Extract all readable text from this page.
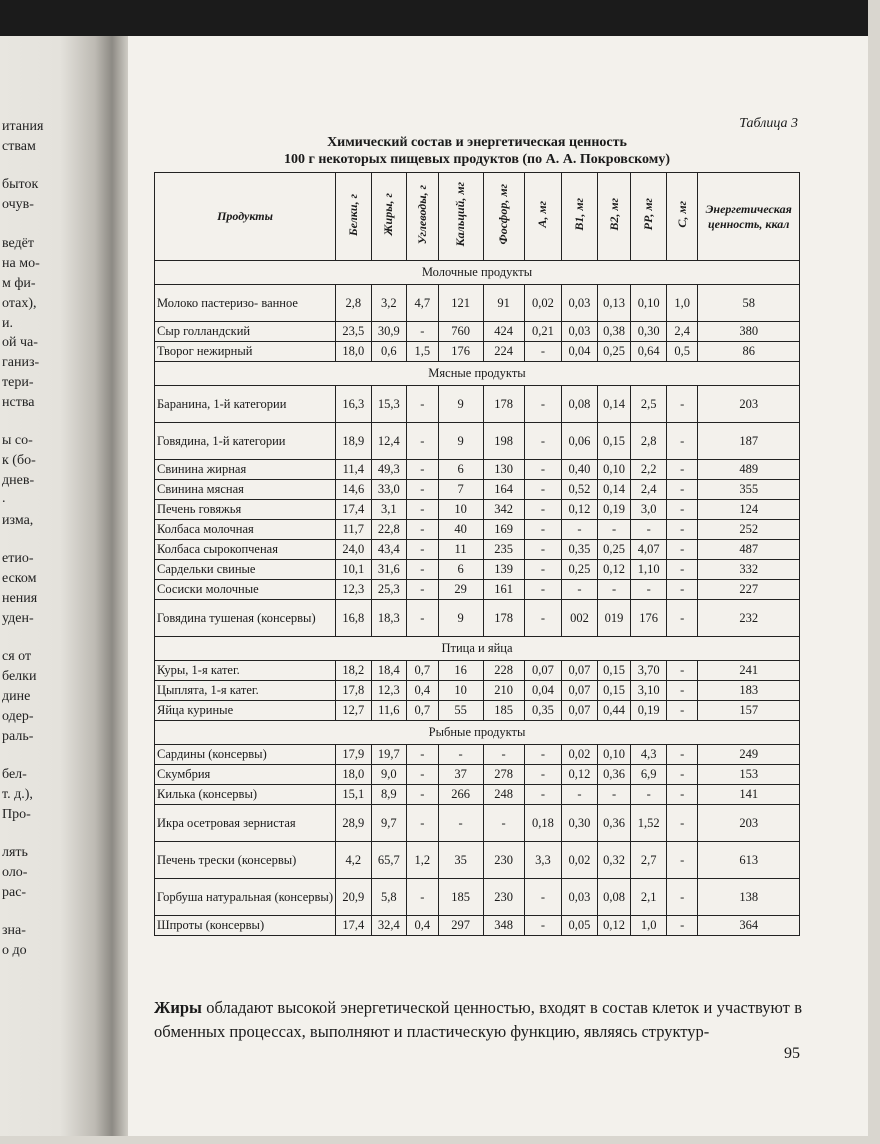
итания
ствам
быток
очув-
ведёт
на мо-
м фи-
отах),
и.
ой ча-
ганиз-
тери-
нства
ы со-
к (бо-
днев-
.
изма,
етио-
еском
нения
уден-
ся от
белки
дине
одер-
раль-
бел-
т. д.),
Про-
лять
оло-
рас-
зна-
о до
Таблица 3
Химический состав и энергетическая ценность
100 г некоторых пищевых продуктов (по А. А. Покровскому)
Продукты	Белки, г	Жиры, г	Углеводы, г	Кальций, мг	Фосфор, мг	А, мг	В1, мг	В2, мг	РР, мг	С, мг	Энергетическая ценность, ккал
Молочные продукты											
Молоко пастеризо- ванное	2,8	3,2	4,7	121	91	0,02	0,03	0,13	0,10	1,0	58
Сыр голландский	23,5	30,9	-	760	424	0,21	0,03	0,38	0,30	2,4	380
Творог нежирный	18,0	0,6	1,5	176	224	-	0,04	0,25	0,64	0,5	86
Мясные продукты											
Баранина, 1-й категории	16,3	15,3	-	9	178	-	0,08	0,14	2,5	-	203
Говядина, 1-й категории	18,9	12,4	-	9	198	-	0,06	0,15	2,8	-	187
Свинина жирная	11,4	49,3	-	6	130	-	0,40	0,10	2,2	-	489
Свинина мясная	14,6	33,0	-	7	164	-	0,52	0,14	2,4	-	355
Печень говяжья	17,4	3,1	-	10	342	-	0,12	0,19	3,0	-	124
Колбаса молочная	11,7	22,8	-	40	169	-	-	-	-	-	252
Колбаса сырокопченая	24,0	43,4	-	11	235	-	0,35	0,25	4,07	-	487
Сардельки свиные	10,1	31,6	-	6	139	-	0,25	0,12	1,10	-	332
Сосиски молочные	12,3	25,3	-	29	161	-	-	-	-	-	227
Говядина тушеная (консервы)	16,8	18,3	-	9	178	-	002	019	176	-	232
Птица и яйца											
Куры, 1-я катег.	18,2	18,4	0,7	16	228	0,07	0,07	0,15	3,70	-	241
Цыплята, 1-я катег.	17,8	12,3	0,4	10	210	0,04	0,07	0,15	3,10	-	183
Яйца куриные	12,7	11,6	0,7	55	185	0,35	0,07	0,44	0,19	-	157
Рыбные продукты											
Сардины (консервы)	17,9	19,7	-	-	-	-	0,02	0,10	4,3	-	249
Скумбрия	18,0	9,0	-	37	278	-	0,12	0,36	6,9	-	153
Килька (консервы)	15,1	8,9	-	266	248	-	-	-	-	-	141
Икра осетровая зернистая	28,9	9,7	-	-	-	0,18	0,30	0,36	1,52	-	203
Печень трески (консервы)	4,2	65,7	1,2	35	230	3,3	0,02	0,32	2,7	-	613
Горбуша натуральная (консервы)	20,9	5,8	-	185	230	-	0,03	0,08	2,1	-	138
Шпроты (консервы)	17,4	32,4	0,4	297	348	-	0,05	0,12	1,0	-	364
Жиры обладают высокой энергетической ценностью, входят в состав клеток и участвуют в обменных процессах, выполняют и пластическую функцию, являясь структур-
95
